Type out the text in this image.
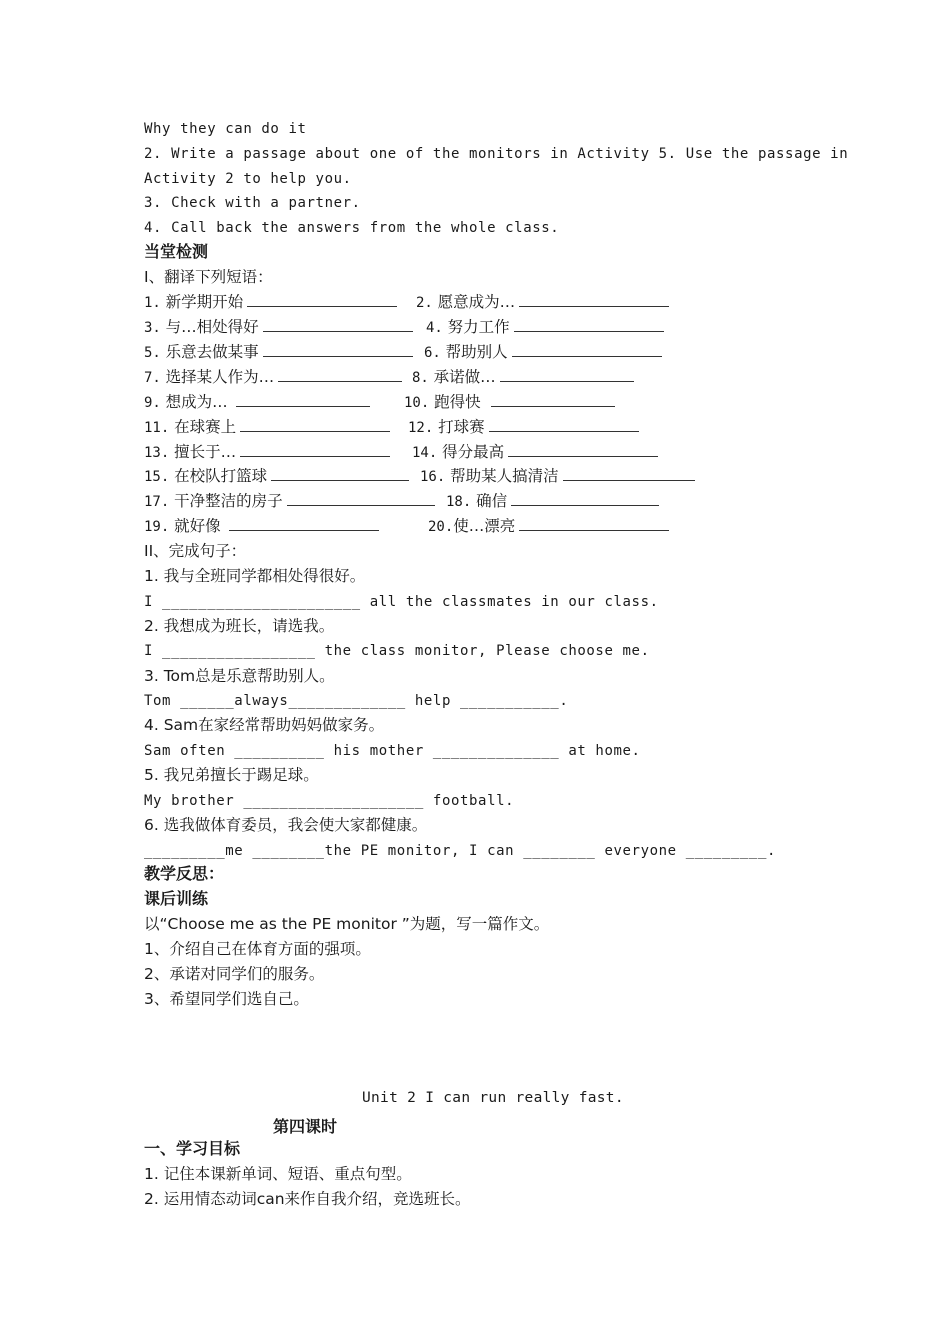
Why they can do it
2. Write a passage about one of the monitors in Activity 5. Use the passage in
Activity 2 to help you.
3. Check with a partner.
4. Call back the answers from the whole class.
当堂检测
I、翻译下列短语：
1. 新学期开始	2. 愿意成为…
3. 与…相处得好	4. 努力工作
5. 乐意去做某事	6. 帮助别人
7. 选择某人作为…	8. 承诺做…
9. 想成为…	10. 跑得快
11. 在球赛上	12. 打球赛
13. 擅长于…	14. 得分最高
15. 在校队打篮球	16. 帮助某人搞清洁
17. 干净整洁的房子	18. 确信
19. 就好像	20.使…漂亮
II、完成句子：
1. 我与全班同学都相处得很好。
I ______________________ all the classmates in our class.
2. 我想成为班长，请选我。
I _________________ the class monitor, Please choose me.
3. Tom总是乐意帮助别人。
Tom ______always_____________ help ___________.
4. Sam在家经常帮助妈妈做家务。
Sam often __________ his mother ______________ at home.
5. 我兄弟擅长于踢足球。
My brother ____________________ football.
6. 选我做体育委员，我会使大家都健康。
_________me ________the PE monitor, I can ________ everyone _________.
教学反思：
课后训练
以“Choose me as the PE monitor ”为题，写一篇作文。
1、介绍自己在体育方面的强项。
2、承诺对同学们的服务。
3、希望同学们选自己。
Unit 2 I can run really fast.
第四课时
一、学习目标
1. 记住本课新单词、短语、重点句型。
2. 运用情态动词can来作自我介绍，竞选班长。
